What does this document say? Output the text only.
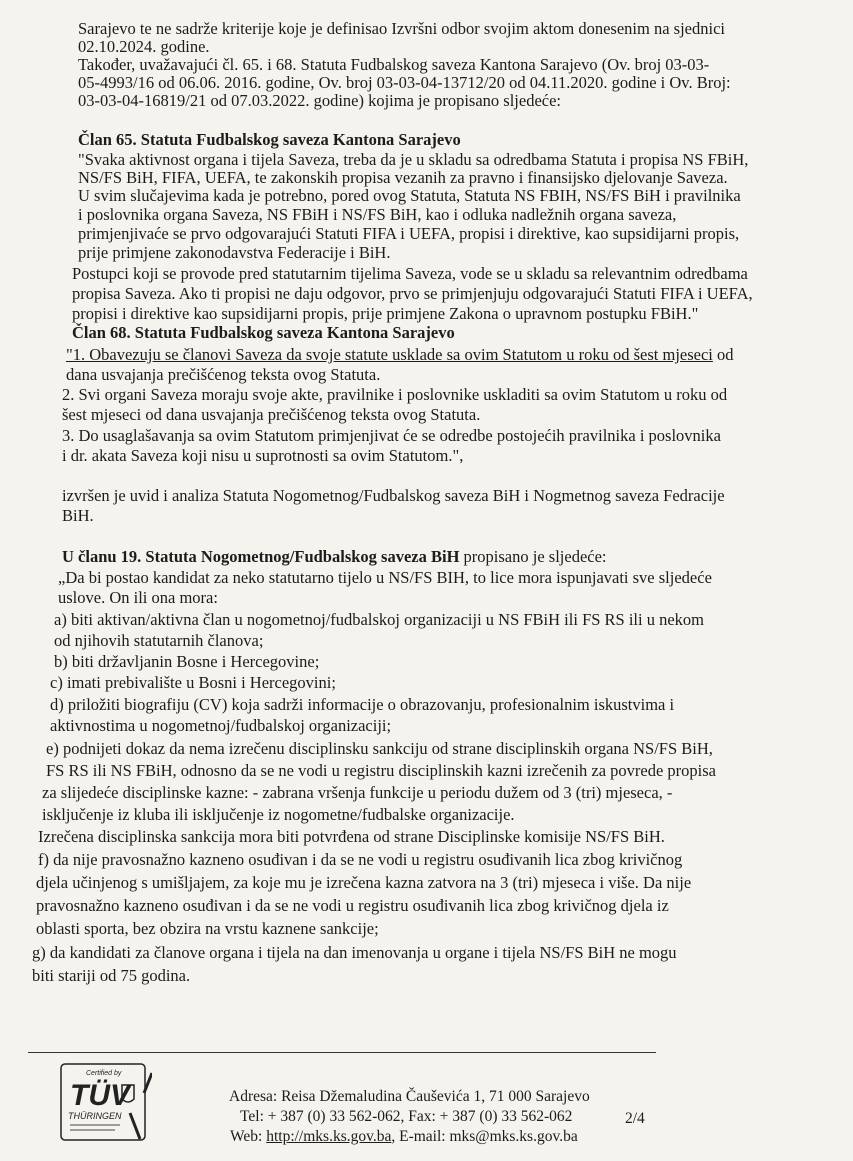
Sarajevo te ne sadrže kriterije koje je definisao Izvršni odbor svojim aktom donesenim na sjednici
02.10.2024. godine.
Također, uvažavajući čl. 65. i 68. Statuta Fudbalskog saveza Kantona Sarajevo (Ov. broj 03-03-
05-4993/16 od 06.06. 2016. godine, Ov. broj 03-03-04-13712/20 od 04.11.2020. godine i Ov. Broj:
03-03-04-16819/21 od 07.03.2022. godine) kojima je propisano sljedeće:
Član 65. Statuta Fudbalskog saveza Kantona Sarajevo
"Svaka aktivnost organa i tijela Saveza, treba da je u skladu sa odredbama Statuta i propisa NS FBiH,
NS/FS BiH, FIFA, UEFA, te zakonskih propisa vezanih za pravno i finansijsko djelovanje Saveza.
U svim slučajevima kada je potrebno, pored ovog Statuta, Statuta NS FBIH, NS/FS BiH i pravilnika
i poslovnika organa Saveza, NS FBiH i NS/FS BiH, kao i odluka nadležnih organa saveza,
primjenjivaće se prvo odgovarajući Statuti FIFA i UEFA, propisi i direktive, kao supsidijarni propis,
prije primjene zakonodavstva Federacije i BiH.
Postupci koji se provode pred statutarnim tijelima Saveza, vode se u skladu sa relevantnim odredbama
propisa Saveza. Ako ti propisi ne daju odgovor, prvo se primjenjuju odgovarajući Statuti FIFA i UEFA,
propisi i direktive kao supsidijarni propis, prije primjene Zakona o upravnom postupku FBiH."
Član 68. Statuta Fudbalskog saveza Kantona Sarajevo
"1. Obavezuju se članovi Saveza da svoje statute usklade sa ovim Statutom u roku od šest mjeseci od
dana usvajanja prečišćenog teksta ovog Statuta.
2. Svi organi Saveza moraju svoje akte, pravilnike i poslovnike uskladiti sa ovim Statutom u roku od
šest mjeseci od dana usvajanja prečišćenog teksta ovog Statuta.
3. Do usaglašavanja sa ovim Statutom primjenjivat će se odredbe postojećih pravilnika i poslovnika
i dr. akata Saveza koji nisu u suprotnosti sa ovim Statutom.",
izvršen je uvid i analiza Statuta Nogometnog/Fudbalskog saveza BiH i Nogmetnog saveza Fedracije
BiH.
U članu 19. Statuta Nogometnog/Fudbalskog saveza BiH propisano je sljedeće:
„Da bi postao kandidat za neko statutarno tijelo u NS/FS BIH, to lice mora ispunjavati sve sljedeće
uslove. On ili ona mora:
a) biti aktivan/aktivna član u nogometnoj/fudbalskoj organizaciji u NS FBiH ili FS RS ili u nekom
od njihovih statutarnih članova;
b) biti državljanin Bosne i Hercegovine;
c) imati prebivalište u Bosni i Hercegovini;
d) priložiti biografiju (CV) koja sadrži informacije o obrazovanju, profesionalnim iskustvima i
aktivnostima u nogometnoj/fudbalskoj organizaciji;
e) podnijeti dokaz da nema izrečenu disciplinsku sankciju od strane disciplinskih organa NS/FS BiH,
FS RS ili NS FBiH, odnosno da se ne vodi u registru disciplinskih kazni izrečenih za povrede propisa
za slijedeće disciplinske kazne: - zabrana vršenja funkcije u periodu dužem od 3 (tri) mjeseca, -
isključenje iz kluba ili isključenje iz nogometne/fudbalske organizacije.
Izrečena disciplinska sankcija mora biti potvrđena od strane Disciplinske komisije NS/FS BiH.
f) da nije pravosnažno kazneno osuđivan i da se ne vodi u registru osuđivanih lica zbog krivičnog
djela učinjenog s umišljajem, za koje mu je izrečena kazna zatvora na 3 (tri) mjeseca i više. Da nije
pravosnažno kazneno osuđivan i da se ne vodi u registru osuđivanih lica zbog krivičnog djela iz
oblasti sporta, bez obzira na vrstu kaznene sankcije;
g) da kandidati za članove organa i tijela na dan imenovanja u organe i tijela NS/FS BiH ne mogu
biti stariji od 75 godina.
Certified by
TÜV
THÜRINGEN
Adresa: Reisa Džemaludina Čauševića 1, 71 000 Sarajevo
Tel: + 387 (0) 33 562-062, Fax: + 387 (0) 33 562-062	2/4
Web: http://mks.ks.gov.ba, E-mail: mks@mks.ks.gov.ba
